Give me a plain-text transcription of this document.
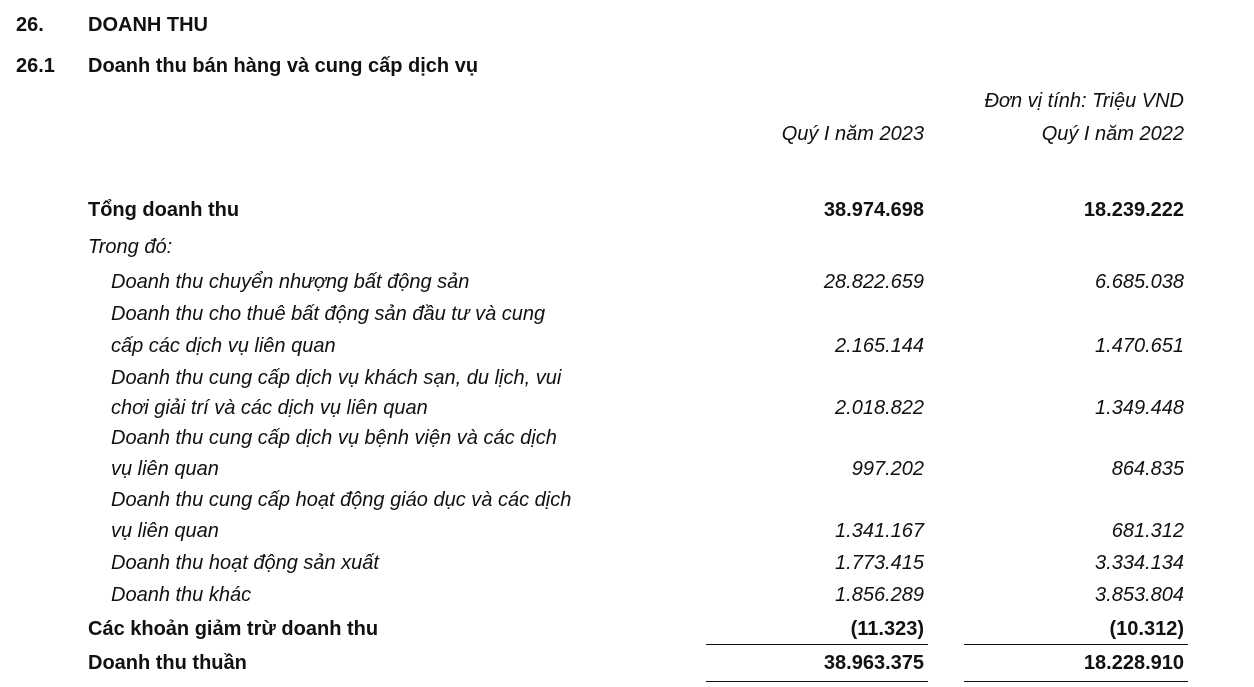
26. DOANH THU
26.1 Doanh thu bán hàng và cung cấp dịch vụ
Đơn vị tính: Triệu VND
Quý I năm 2023	Quý I năm 2022
Tổng doanh thu	38.974.698	18.239.222
Trong đó:
Doanh thu chuyển nhượng bất động sản	28.822.659	6.685.038
Doanh thu cho thuê bất động sản đầu tư và cung
cấp các dịch vụ liên quan	2.165.144	1.470.651
Doanh thu cung cấp dịch vụ khách sạn, du lịch, vui
chơi giải trí và các dịch vụ liên quan	2.018.822	1.349.448
Doanh thu cung cấp dịch vụ bệnh viện và các dịch
vụ liên quan	997.202	864.835
Doanh thu cung cấp hoạt động giáo dục và các dịch
vụ liên quan	1.341.167	681.312
Doanh thu hoạt động sản xuất	1.773.415	3.334.134
Doanh thu khác	1.856.289	3.853.804
Các khoản giảm trừ doanh thu	(11.323)	(10.312)
Doanh thu thuần	38.963.375	18.228.910
